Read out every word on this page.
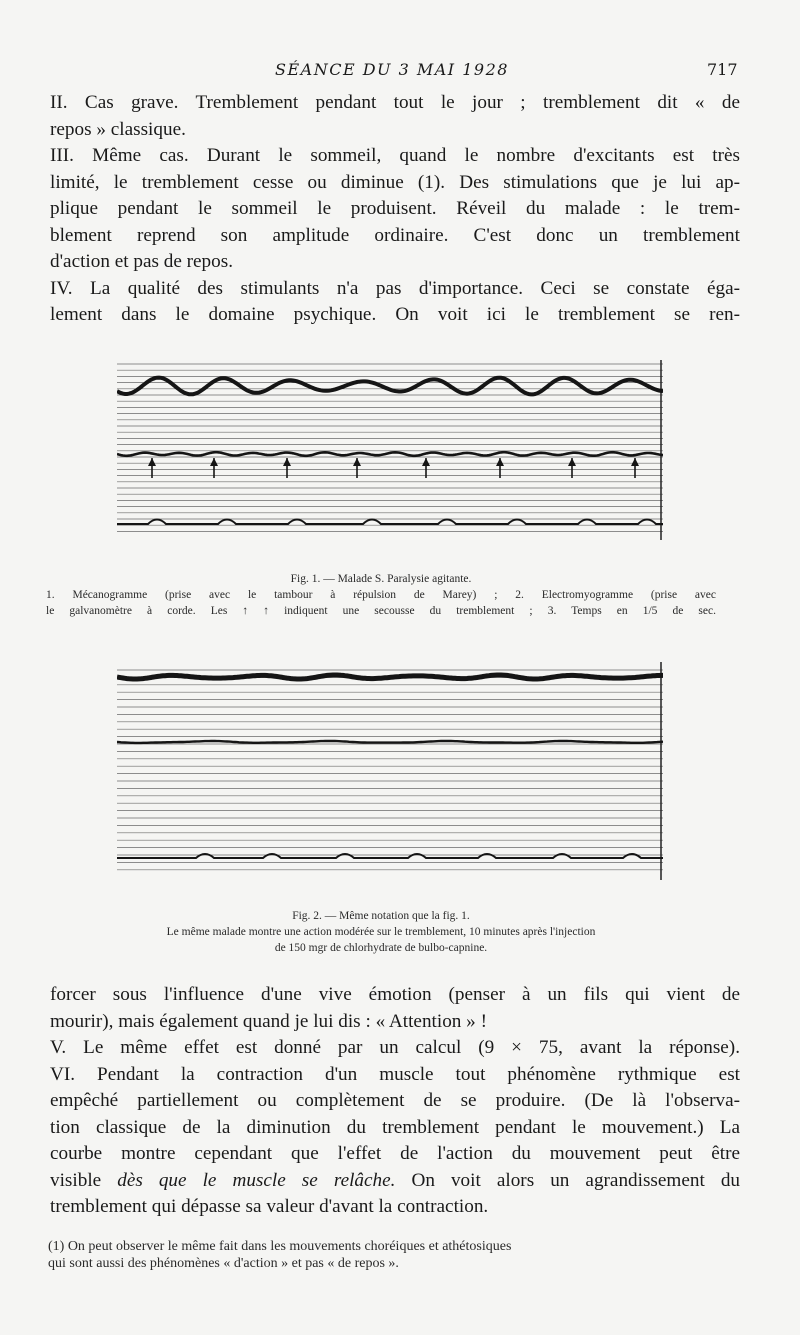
SÉANCE DU 3 MAI 1928	717
II. Cas grave. Tremblement pendant tout le jour ; tremblement dit « de
repos » classique.
III. Même cas. Durant le sommeil, quand le nombre d'excitants est très
limité, le tremblement cesse ou diminue (1). Des stimulations que je lui ap-
plique pendant le sommeil le produisent. Réveil du malade : le trem-
blement reprend son amplitude ordinaire. C'est donc un tremblement
d'action et pas de repos.
IV. La qualité des stimulants n'a pas d'importance. Ceci se constate éga-
lement dans le domaine psychique. On voit ici le tremblement se ren-
Fig. 1. — Malade S. Paralysie agitante.
1. Mécanogramme (prise avec le tambour à répulsion de Marey) ; 2. Electromyogramme (prise avec
le galvanomètre à corde. Les ↑ ↑ indiquent une secousse du tremblement ; 3. Temps en 1/5 de sec.
Fig. 2. — Même notation que la fig. 1.
Le même malade montre une action modérée sur le tremblement, 10 minutes après l'injection
de 150 mgr de chlorhydrate de bulbo-capnine.
forcer sous l'influence d'une vive émotion (penser à un fils qui vient de
mourir), mais également quand je lui dis : « Attention » !
V. Le même effet est donné par un calcul (9 × 75, avant la réponse).
VI. Pendant la contraction d'un muscle tout phénomène rythmique est
empêché partiellement ou complètement de se produire. (De là l'observa-
tion classique de la diminution du tremblement pendant le mouvement.) La
courbe montre cependant que l'effet de l'action du mouvement peut être
visible dès que le muscle se relâche. On voit alors un agrandissement du
tremblement qui dépasse sa valeur d'avant la contraction.
(1) On peut observer le même fait dans les mouvements choréiques et athétosiques
qui sont aussi des phénomènes « d'action » et pas « de repos ».
